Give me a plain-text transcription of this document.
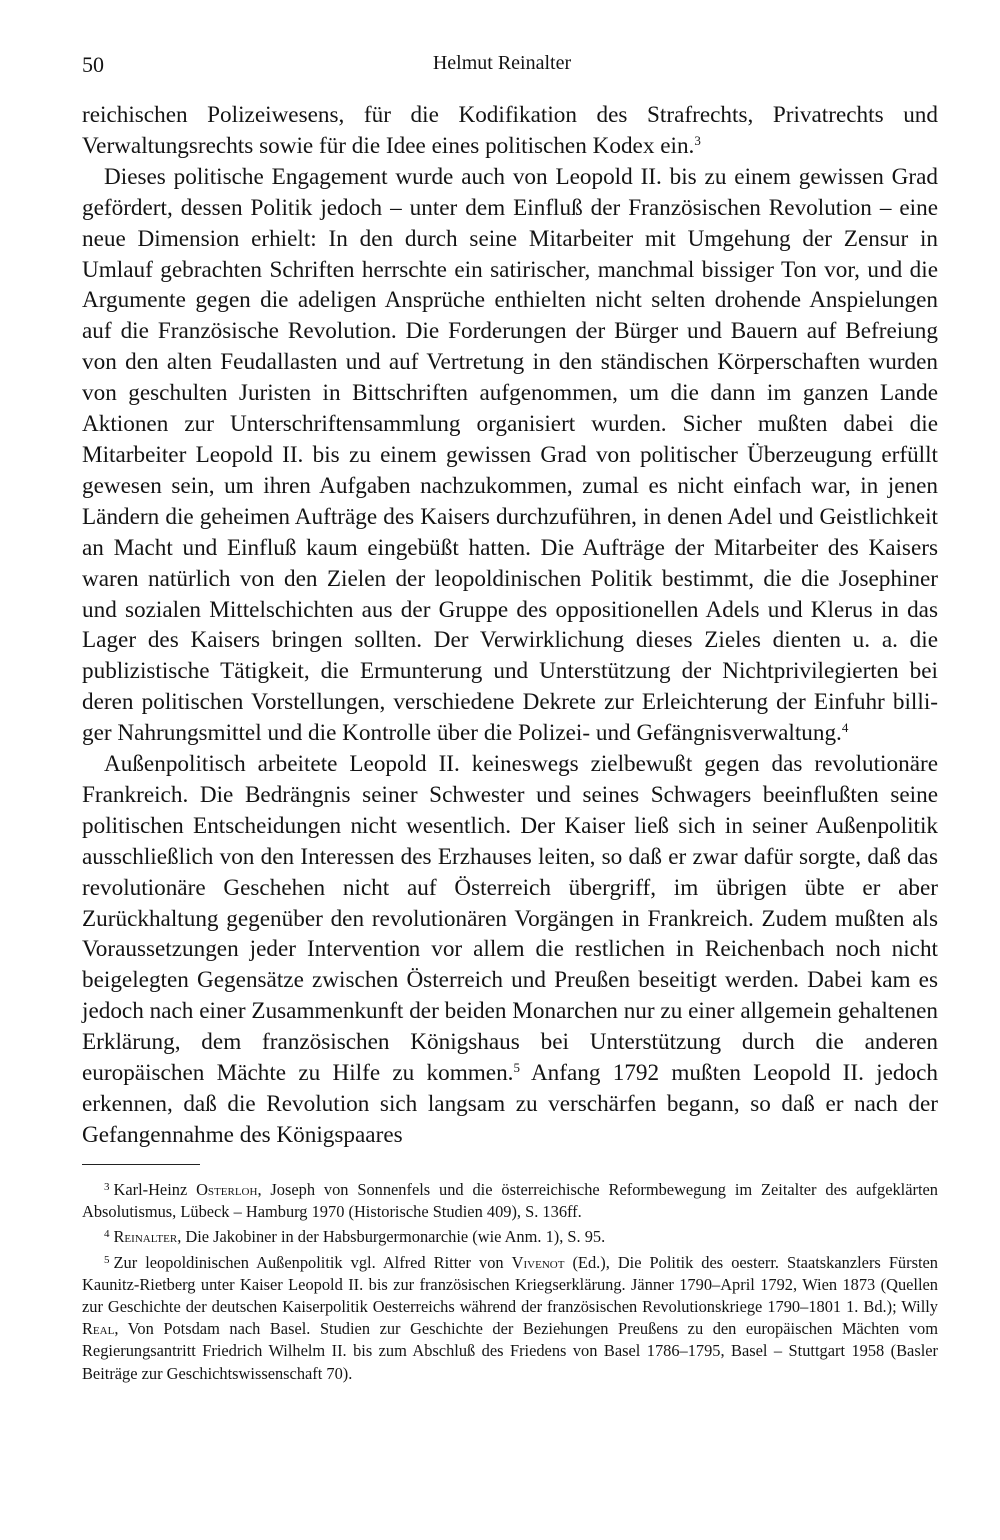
50	Helmut Reinalter

reichischen Polizeiwesens, für die Kodifikation des Strafrechts, Privatrechts und Verwaltungsrechts sowie für die Idee eines politischen Kodex ein.$^3$

Dieses politische Engagement wurde auch von Leopold II. bis zu einem gewissen Grad gefördert, dessen Politik jedoch – unter dem Einfluß der Französischen Revolution – eine neue Dimension erhielt: In den durch seine Mitarbeiter mit Umgehung der Zensur in Umlauf gebrachten Schriften herrschte ein satirischer, manchmal bissiger Ton vor, und die Argumente gegen die adeligen Ansprüche enthielten nicht selten drohende Anspielungen auf die Französische Revolution. Die Forderungen der Bürger und Bauern auf Befreiung von den alten Feudallasten und auf Vertretung in den ständischen Körperschaften wurden von geschulten Juristen in Bittschriften aufgenommen, um die dann im ganzen Lande Aktionen zur Unterschriftensammlung organisiert wurden. Sicher mußten dabei die Mitarbeiter Leopold II. bis zu einem gewissen Grad von politischer Überzeugung erfüllt gewesen sein, um ihren Aufgaben nachzukommen, zumal es nicht einfach war, in jenen Ländern die geheimen Aufträge des Kaisers durchzuführen, in denen Adel und Geistlichkeit an Macht und Einfluß kaum eingebüßt hatten. Die Aufträge der Mitarbeiter des Kaisers waren natürlich von den Zielen der leopoldinischen Politik bestimmt, die die Josephiner und sozialen Mittelschichten aus der Gruppe des oppositionellen Adels und Klerus in das Lager des Kaisers bringen sollten. Der Verwirklichung dieses Zieles dienten u. a. die publizistische Tätigkeit, die Ermunterung und Unterstützung der Nichtprivilegierten bei deren politischen Vorstellungen, verschiedene Dekrete zur Erleichterung der Einfuhr billiger Nahrungsmittel und die Kontrolle über die Polizei- und Gefängnisverwaltung.$^4$

Außenpolitisch arbeitete Leopold II. keineswegs zielbewußt gegen das revolutionäre Frankreich. Die Bedrängnis seiner Schwester und seines Schwagers beeinflußten seine politischen Entscheidungen nicht wesentlich. Der Kaiser ließ sich in seiner Außenpolitik ausschließlich von den Interessen des Erzhauses leiten, so daß er zwar dafür sorgte, daß das revolutionäre Geschehen nicht auf Österreich übergriff, im übrigen übte er aber Zurückhaltung gegenüber den revolutionären Vorgängen in Frankreich. Zudem mußten als Voraussetzungen jeder Intervention vor allem die restlichen in Reichenbach noch nicht beigelegten Gegensätze zwischen Österreich und Preußen beseitigt werden. Dabei kam es jedoch nach einer Zusammenkunft der beiden Monarchen nur zu einer allgemein gehaltenen Erklärung, dem französischen Königshaus bei Unterstützung durch die anderen europäischen Mächte zu Hilfe zu kommen.$^5$ Anfang 1792 mußten Leopold II. jedoch erkennen, daß die Revolution sich langsam zu verschärfen begann, so daß er nach der Gefangennahme des Königspaares

$^3$ Karl-Heinz Osterloh, Joseph von Sonnenfels und die österreichische Reformbewegung im Zeitalter des aufgeklärten Absolutismus, Lübeck – Hamburg 1970 (Historische Studien 409), S. 136ff.

$^4$ Reinalter, Die Jakobiner in der Habsburgermonarchie (wie Anm. 1), S. 95.

$^5$ Zur leopoldinischen Außenpolitik vgl. Alfred Ritter von Vivenot (Ed.), Die Politik des oesterr. Staatskanzlers Fürsten Kaunitz-Rietberg unter Kaiser Leopold II. bis zur französischen Kriegserklärung. Jänner 1790–April 1792, Wien 1873 (Quellen zur Geschichte der deutschen Kaiserpolitik Oesterreichs während der französischen Revolutionskriege 1790–1801 1. Bd.); Willy Real, Von Potsdam nach Basel. Studien zur Geschichte der Beziehungen Preußens zu den europäischen Mächten vom Regierungsantritt Friedrich Wilhelm II. bis zum Abschluß des Friedens von Basel 1786–1795, Basel – Stuttgart 1958 (Basler Beiträge zur Geschichtswissenschaft 70).
